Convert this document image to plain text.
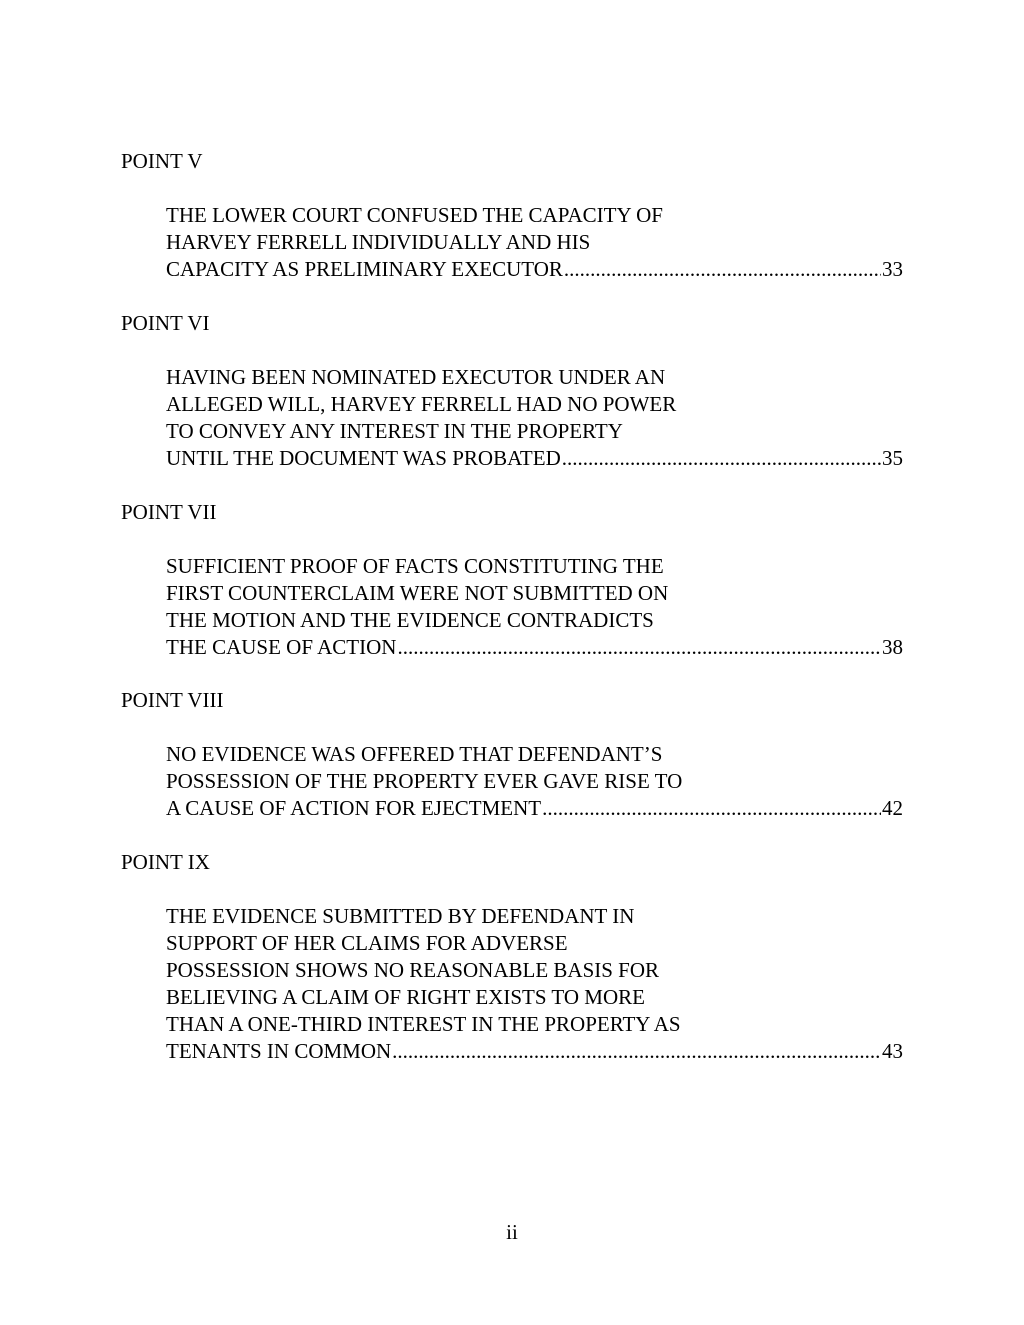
POINT V
THE LOWER COURT CONFUSED THE CAPACITY OF
HARVEY FERRELL INDIVIDUALLY AND HIS
CAPACITY AS PRELIMINARY EXECUTOR .....	33
POINT VI
HAVING BEEN NOMINATED EXECUTOR UNDER AN
ALLEGED WILL, HARVEY FERRELL HAD NO POWER
TO CONVEY ANY INTEREST IN THE PROPERTY
UNTIL THE DOCUMENT WAS PROBATED .....	35
POINT VII
SUFFICIENT PROOF OF FACTS CONSTITUTING THE
FIRST COUNTERCLAIM WERE NOT SUBMITTED ON
THE MOTION AND THE EVIDENCE CONTRADICTS
THE CAUSE OF ACTION .....	38
POINT VIII
NO EVIDENCE WAS OFFERED THAT DEFENDANT’S
POSSESSION OF THE PROPERTY EVER GAVE RISE TO
A CAUSE OF ACTION FOR EJECTMENT .....	42
POINT IX
THE EVIDENCE SUBMITTED BY DEFENDANT IN
SUPPORT OF HER CLAIMS FOR ADVERSE
POSSESSION SHOWS NO REASONABLE BASIS FOR
BELIEVING A CLAIM OF RIGHT EXISTS TO MORE
THAN A ONE-THIRD INTEREST IN THE PROPERTY AS
TENANTS IN COMMON .....	43
ii
